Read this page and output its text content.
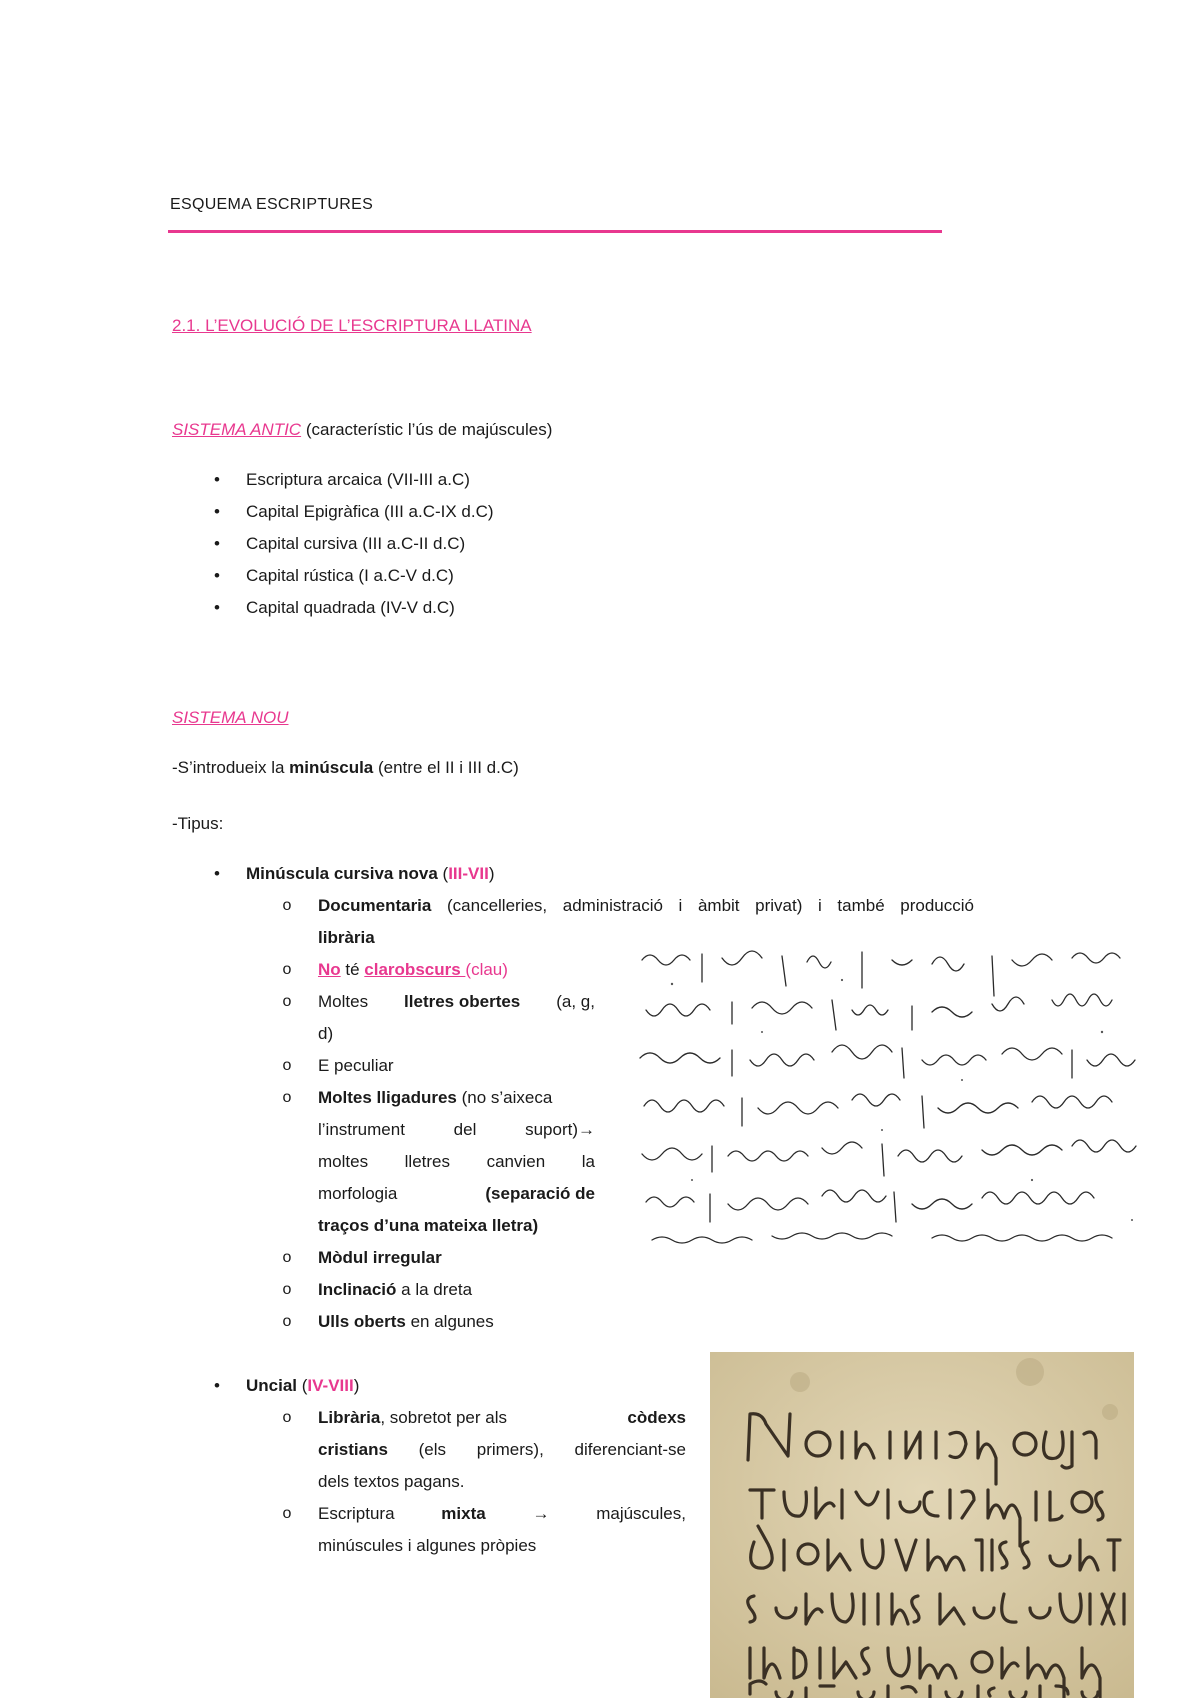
ESQUEMA ESCRIPTURES
2.1. L’EVOLUCIÓ DE L’ESCRIPTURA LLATINA
SISTEMA ANTIC (característic l’ús de majúscules)
• Escriptura arcaica (VII-III a.C)
• Capital Epigràfica (III a.C-IX d.C)
• Capital cursiva (III a.C-II d.C)
• Capital rústica (I a.C-V d.C)
• Capital quadrada (IV-V d.C)
SISTEMA NOU
-S’introdueix la minúscula (entre el II i III d.C)
-Tipus:
• Minúscula cursiva nova (III-VII)
o Documentaria (cancelleries, administració i àmbit privat) i també producció
librària
o No té clarobscurs (clau)
o Moltes lletres obertes (a, g,
d)
o E peculiar
o Moltes lligadures (no s’aixeca
l’instrument del suport)→
moltes lletres canvien la
morfologia	(separació de
traços d’una mateixa lletra)
o Mòdul irregular
o Inclinació a la dreta
o Ulls oberts en algunes
• Uncial (IV-VIII)
o Librària, sobretot per als	còdexs
cristians (els primers), diferenciant-se
dels textos pagans.
o Escriptura	mixta	→	majúscules,
minúscules i algunes pròpies
